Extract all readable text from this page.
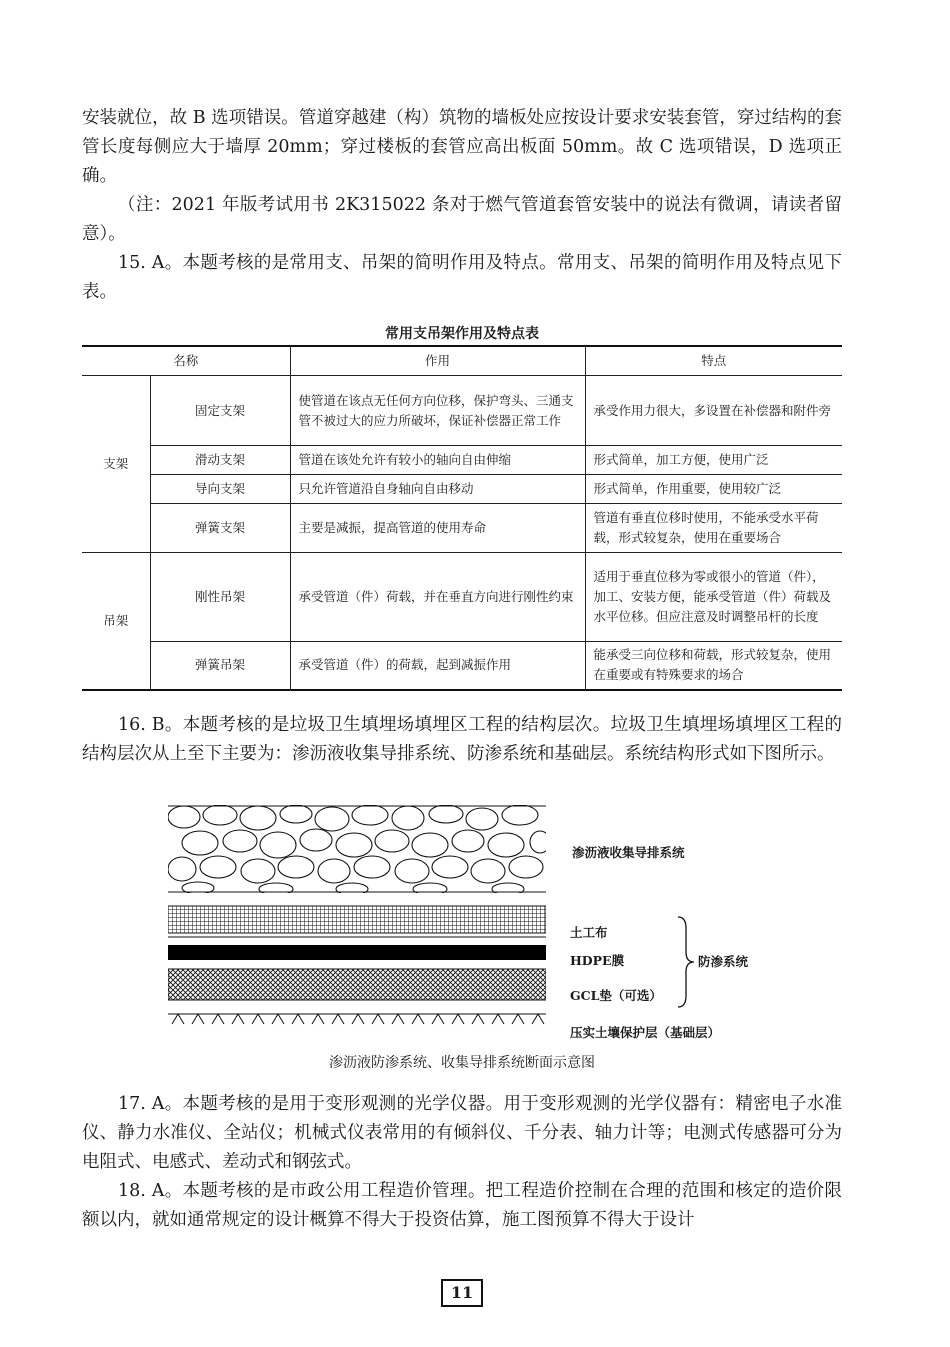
安装就位，故 B 选项错误。管道穿越建（构）筑物的墙板处应按设计要求安装套管，穿过结构的套管长度每侧应大于墙厚 20mm；穿过楼板的套管应高出板面 50mm。故 C 选项错误，D 选项正确。

（注：2021 年版考试用书 2K315022 条对于燃气管道套管安装中的说法有微调，请读者留意）。

15. A。本题考核的是常用支、吊架的简明作用及特点。常用支、吊架的简明作用及特点见下表。

常用支吊架作用及特点表
名称		作用	特点
支架	固定支架	使管道在该点无任何方向位移，保护弯头、三通支管不被过大的应力所破坏，保证补偿器正常工作	承受作用力很大，多设置在补偿器和附件旁
	滑动支架	管道在该处允许有较小的轴向自由伸缩	形式简单，加工方便，使用广泛
	导向支架	只允许管道沿自身轴向自由移动	形式简单，作用重要，使用较广泛
	弹簧支架	主要是减振，提高管道的使用寿命	管道有垂直位移时使用，不能承受水平荷载，形式较复杂，使用在重要场合
吊架	刚性吊架	承受管道（件）荷载，并在垂直方向进行刚性约束	适用于垂直位移为零或很小的管道（件），加工、安装方便，能承受管道（件）荷载及水平位移。但应注意及时调整吊杆的长度
	弹簧吊架	承受管道（件）的荷载，起到减振作用	能承受三向位移和荷载，形式较复杂，使用在重要或有特殊要求的场合

16. B。本题考核的是垃圾卫生填埋场填埋区工程的结构层次。垃圾卫生填埋场填埋区工程的结构层次从上至下主要为：渗沥液收集导排系统、防渗系统和基础层。系统结构形式如下图所示。

渗沥液收集导排系统
土工布
HDPE膜
GCL垫（可选）
防渗系统
压实土壤保护层（基础层）
渗沥液防渗系统、收集导排系统断面示意图

17. A。本题考核的是用于变形观测的光学仪器。用于变形观测的光学仪器有：精密电子水准仪、静力水准仪、全站仪；机械式仪表常用的有倾斜仪、千分表、轴力计等；电测式传感器可分为电阻式、电感式、差动式和钢弦式。

18. A。本题考核的是市政公用工程造价管理。把工程造价控制在合理的范围和核定的造价限额以内，就如通常规定的设计概算不得大于投资估算，施工图预算不得大于设计

11
